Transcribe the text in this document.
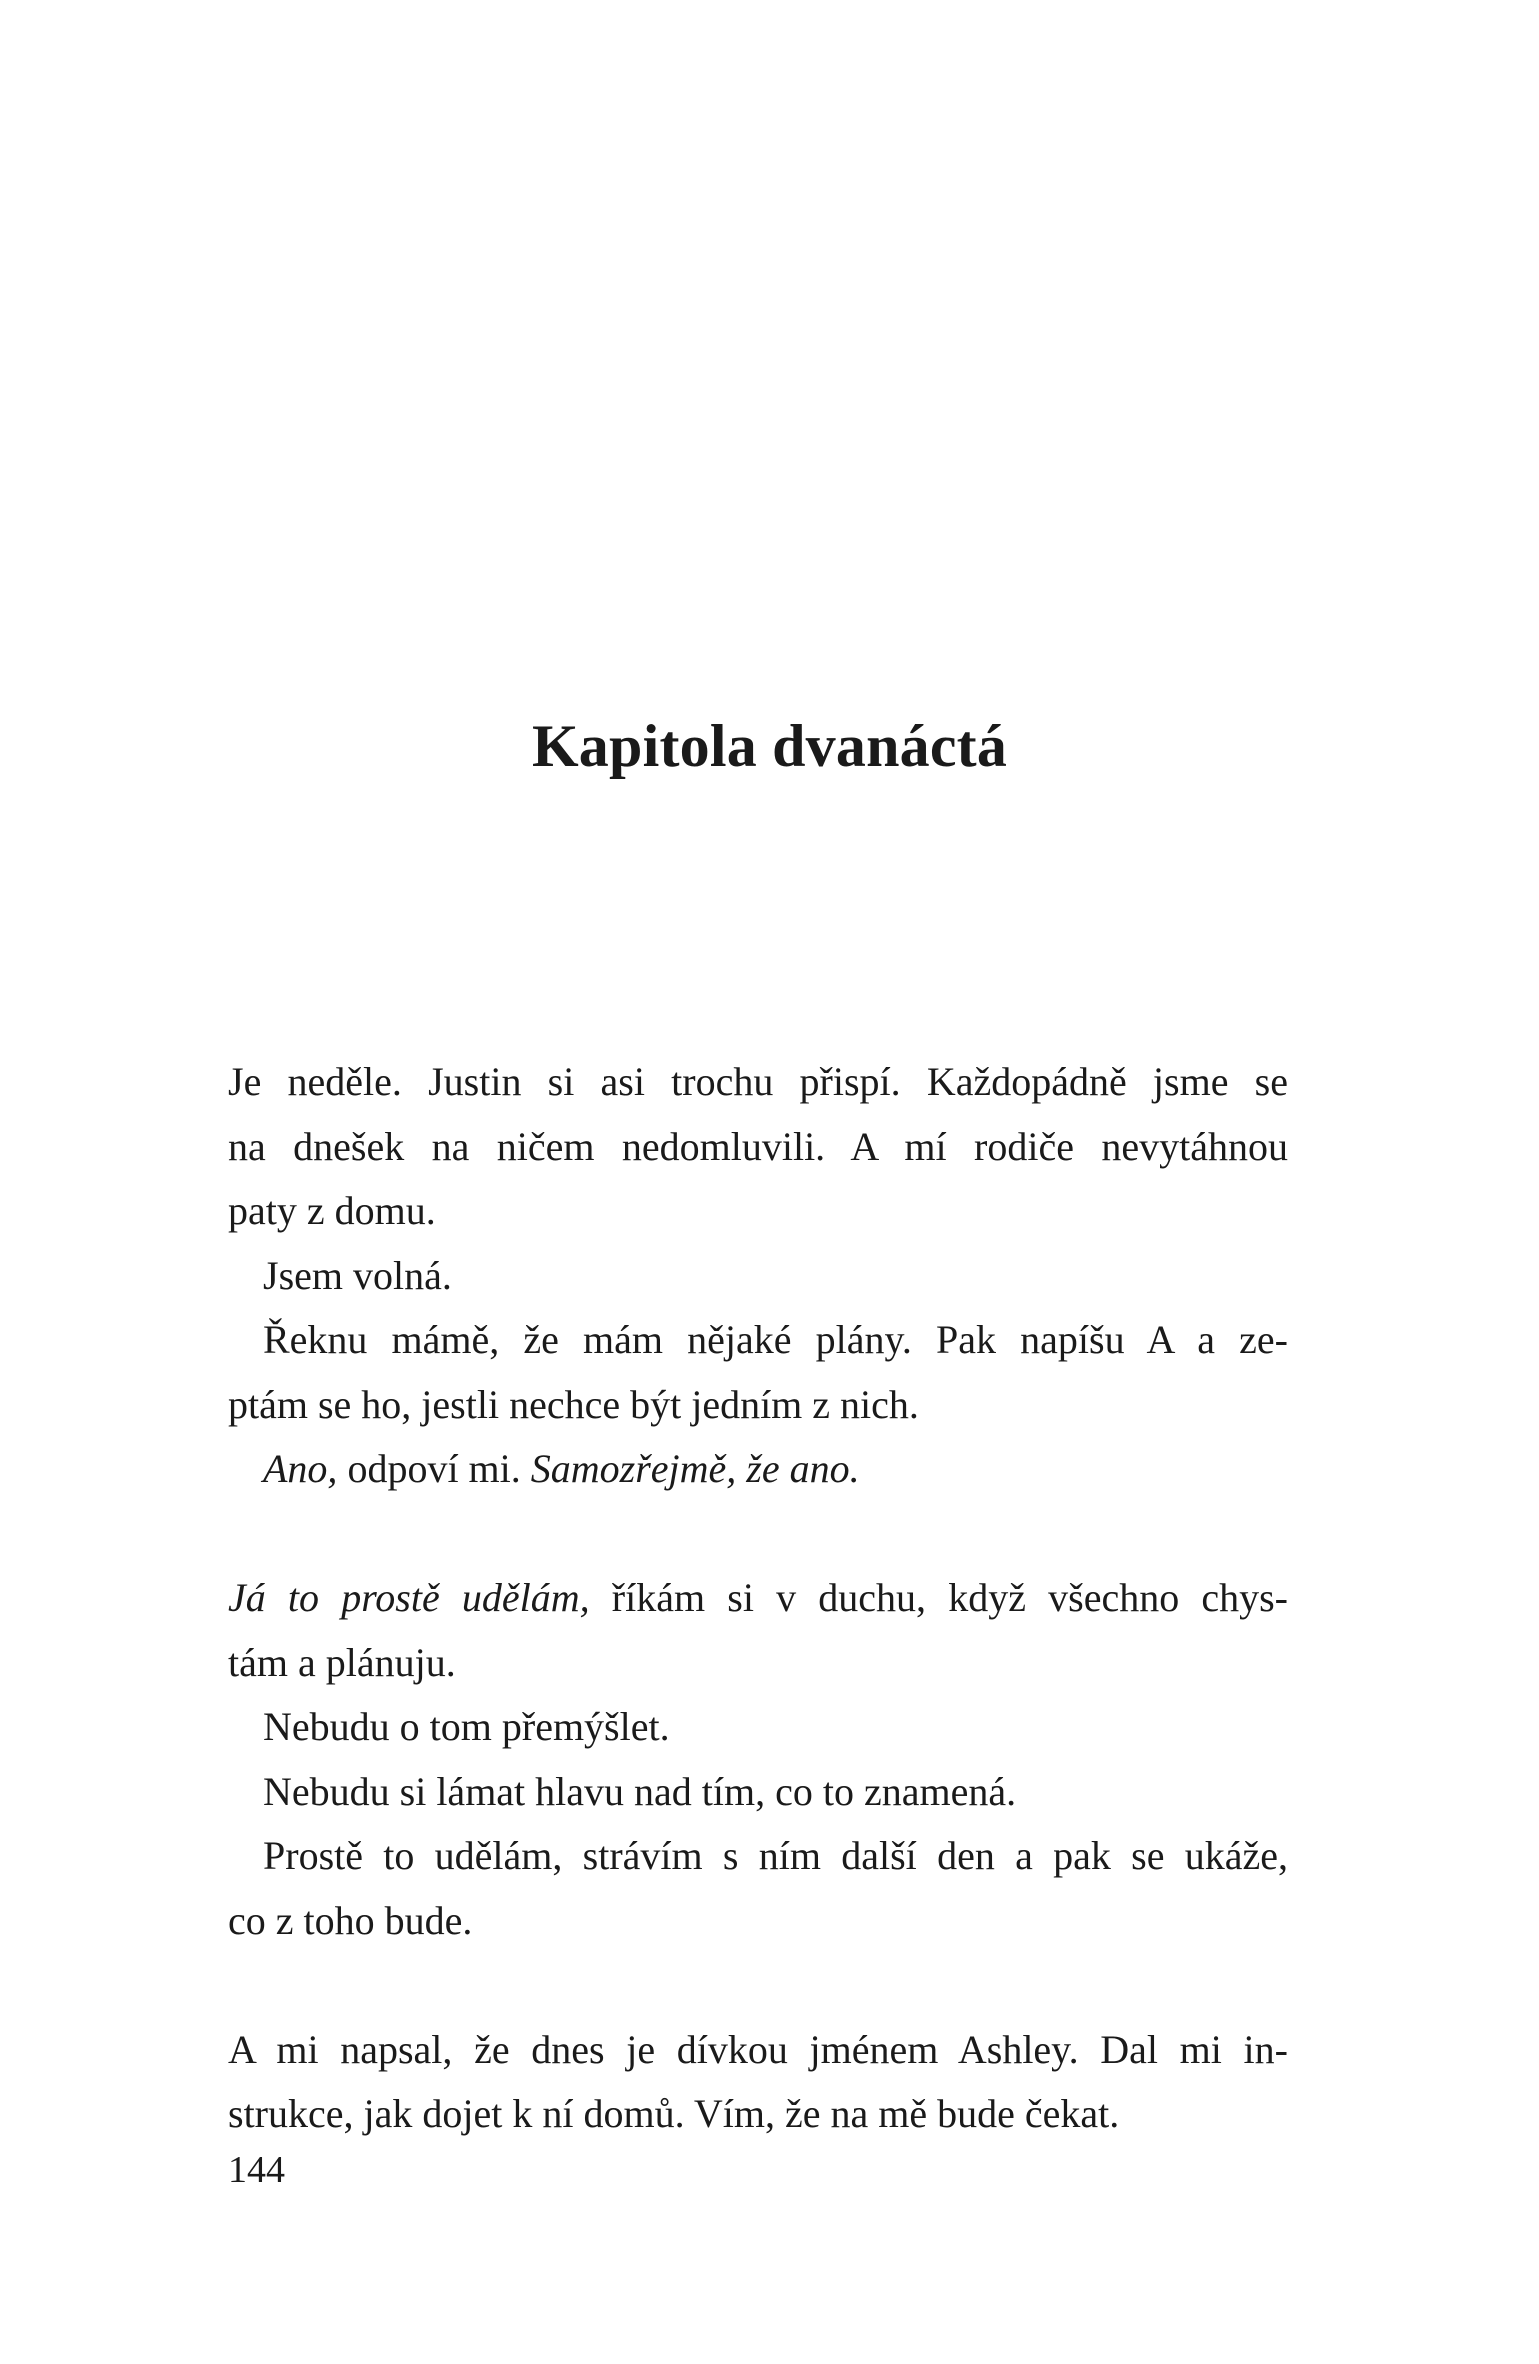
Kapitola dvanáctá
Je neděle. Justin si asi trochu přispí. Každopádně jsme se
na dnešek na ničem nedomluvili. A mí rodiče nevytáhnou
paty z domu.
Jsem volná.
Řeknu mámě, že mám nějaké plány. Pak napíšu A a ze-
ptám se ho, jestli nechce být jedním z nich.
Ano, odpoví mi. Samozřejmě, že ano.
Já to prostě udělám, říkám si v duchu, když všechno chys-
tám a plánuju.
Nebudu o tom přemýšlet.
Nebudu si lámat hlavu nad tím, co to znamená.
Prostě to udělám, strávím s ním další den a pak se ukáže,
co z toho bude.
A mi napsal, že dnes je dívkou jménem Ashley. Dal mi in-
strukce, jak dojet k ní domů. Vím, že na mě bude čekat.

144
